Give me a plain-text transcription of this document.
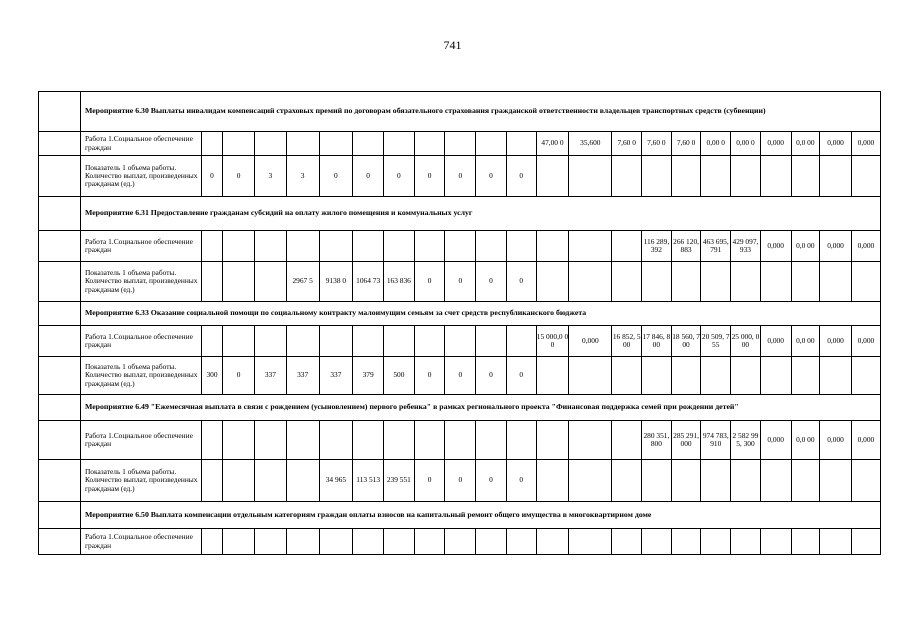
741
	Мероприятие 6.30 Выплаты инвалидам компенсаций страховых премий по договорам обязательного страхования гражданской ответственности владельцев транспортных средств (субвенции)																						
	Работа 1.Социальное обеспечение граждан												47,00 0	35,600	7,60 0	7,60 0	7,60 0	0,00 0	0,00 0	0,000	0,0 00	0,000	0,000
	Показатель 1 объема работы. Количество выплат, произведенных гражданам (ед.)	0	0	3	3	0	0	0	0	0	0	0											
	Мероприятие 6.31 Предоставление гражданам субсидий на оплату жилого помещения и коммунальных услуг																						
	Работа 1.Социальное обеспечение граждан															116 289, 392	266 120, 883	463 695, 791	429 097, 933	0,000	0,0 00	0,000	0,000
	Показатель 1 объема работы. Количество выплат, произведенных гражданам (ед.)				2967 5	9138 0	1064 73	163 836	0	0	0	0											
	Мероприятие 6.33 Оказание социальной помощи по социальному контракту малоимущим семьям за счет средств республиканского бюджета																						
	Работа 1.Социальное обеспечение граждан												15 000,0 00	0,000	16 852, 500	17 846, 800	18 560, 700	20 509, 755	25 000, 000	0,000	0,0 00	0,000	0,000
	Показатель 1 объема работы. Количество выплат, произведенных гражданам (ед.)	300	0	337	337	337	379	500	0	0	0	0											
	Мероприятие 6.49 "Ежемесячная выплата в связи с рождением (усыновлением) первого ребенка" в рамках регионального проекта "Финансовая поддержка семей при рождении детей"																						
	Работа 1.Социальное обеспечение граждан															280 351, 800	285 291, 000	974 783, 910	2 582 995, 300	0,000	0,0 00	0,000	0,000
	Показатель 1 объема работы. Количество выплат, произведенных гражданам (ед.)					34 965	113 513	239 551	0	0	0	0											
	Мероприятие 6.50 Выплата компенсации отдельным категориям граждан оплаты взносов на капитальный ремонт общего имущества в многоквартирном доме																						
	Работа 1.Социальное обеспечение граждан																						
